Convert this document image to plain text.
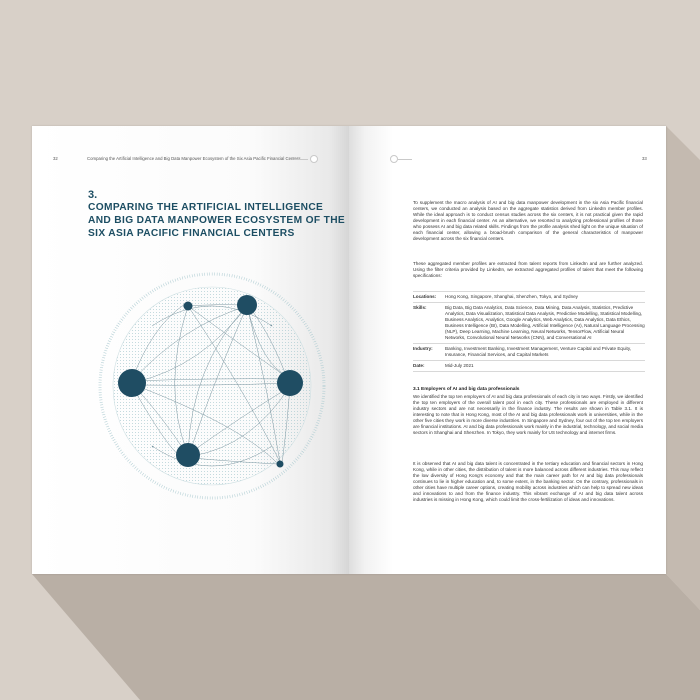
32	Comparing the Artificial Intelligence and Big Data Manpower Ecosystem of the Six Asia Pacific Financial Centers
3.
COMPARING THE ARTIFICIAL INTELLIGENCE AND BIG DATA MANPOWER ECOSYSTEM OF THE SIX ASIA PACIFIC FINANCIAL CENTERS
33
To supplement the macro analysis of AI and big data manpower development in the six Asia Pacific financial centers, we conducted an analysis based on the aggregate statistics derived from LinkedIn member profiles. While the ideal approach is to conduct census studies across the six centers, it is not practical given the rapid development in each financial center. As an alternative, we resorted to analyzing professional profiles of those who possess AI and big data related skills. Findings from the profile analysis shed light on the unique situation of each financial center, allowing a broad-brush comparison of the general characteristics of manpower development across the six financial centers.
These aggregated member profiles are extracted from talent reports from LinkedIn and are further analyzed. Using the filter criteria provided by LinkedIn, we extracted aggregated profiles of talent that meet the following specifications:
Locations:	Hong Kong, Singapore, Shanghai, Shenzhen, Tokyo, and Sydney
Skills:	Big Data, Big Data Analytics, Data Science, Data Mining, Data Analysis, Statistics, Predictive Analytics, Data Visualization, Statistical Data Analysis, Predictive Modelling, Statistical Modelling, Business Analytics, Analytics, Google Analytics, Web Analytics, Data Analytics, Data Ethics, Business Intelligence (BI), Data Modelling, Artificial Intelligence (AI), Natural Language Processing (NLP), Deep Learning, Machine Learning, Neural Networks, TensorFlow, Artificial Neural Networks, Convolutional Neural Networks (CNN), and Conversational AI
Industry:	Banking, Investment Banking, Investment Management, Venture Capital and Private Equity, Insurance, Financial Services, and Capital Markets
Date:	Mid-July 2021
3.1 Employers of AI and big data professionals
We identified the top ten employers of AI and big data professionals of each city in two ways. Firstly, we identified the top ten employers of the overall talent pool in each city. These professionals are employed in different industry sectors and are not necessarily in the finance industry. The results are shown in Table 3.1. It is interesting to note that in Hong Kong, most of the AI and big data professionals work in universities, while in the other five cities they work in more diverse industries. In Singapore and Sydney, four out of the top ten employers are financial institutions. AI and big data professionals work mainly in the industrial, technology, and social media sectors in Shanghai and Shenzhen. In Tokyo, they work mainly for US technology and internet firms.
It is observed that AI and big data talent is concentrated in the tertiary education and financial sectors in Hong Kong, while in other cities, the distribution of talent is more balanced across different industries. This may reflect the low diversity of Hong Kong's economy and that the main career path for AI and big data professionals continues to lie in higher education and, to some extent, in the banking sector. On the contrary, professionals in other cities have multiple career options, creating mobility across industries which can help to spread new ideas and innovations to and from the finance industry. This vibrant exchange of AI and big data talent across industries is missing in Hong Kong, which could limit the cross-fertilization of ideas and innovations.
